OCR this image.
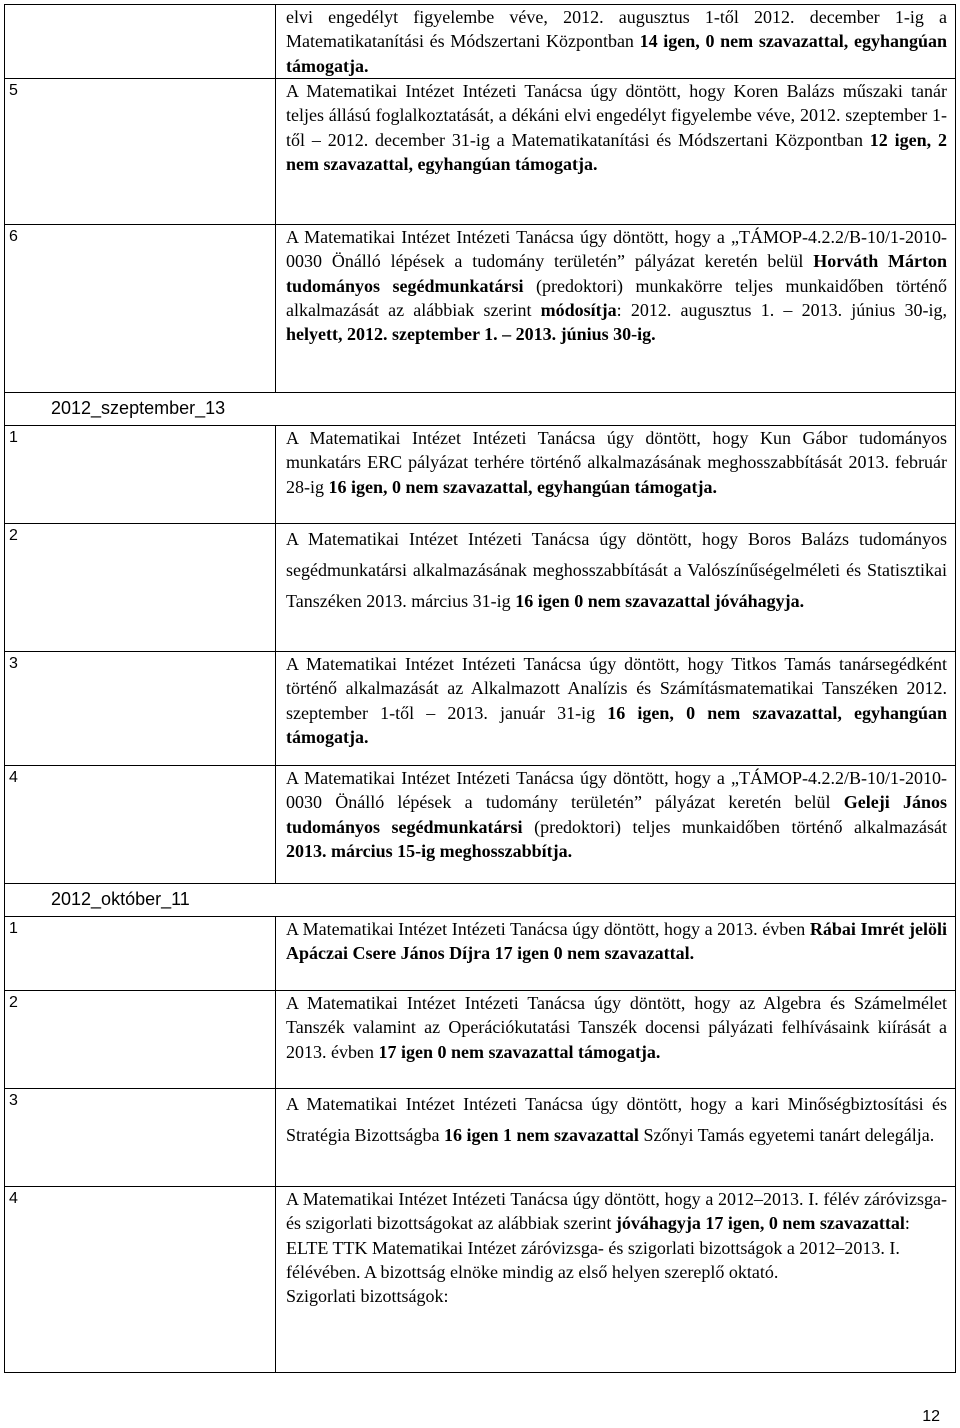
	elvi engedélyt figyelembe véve, 2012. augusztus 1-től 2012. december 1-ig a Matematikatanítási és Módszertani Központban 14 igen, 0 nem szavazattal, egyhangúan támogatja.

5	A Matematikai Intézet Intézeti Tanácsa úgy döntött, hogy Koren Balázs műszaki tanár teljes állású foglalkoztatását, a dékáni elvi engedélyt figyelembe véve, 2012. szeptember 1-től – 2012. december 31-ig a Matematikatanítási és Módszertani Központban 12 igen, 2 nem szavazattal, egyhangúan támogatja.

6	A Matematikai Intézet Intézeti Tanácsa úgy döntött, hogy a „TÁMOP-4.2.2/B-10/1-2010-0030 Önálló lépések a tudomány területén” pályázat keretén belül Horváth Márton tudományos segédmunkatársi (predoktori) munkakörre teljes munkaidőben történő alkalmazását az alábbiak szerint módosítja: 2012. augusztus 1. – 2013. június 30-ig, helyett, 2012. szeptember 1. – 2013. június 30-ig.

2012_szeptember_13	
1	A Matematikai Intézet Intézeti Tanácsa úgy döntött, hogy Kun Gábor tudományos munkatárs ERC pályázat terhére történő alkalmazásának meghosszabbítását 2013. február 28-ig 16 igen, 0 nem szavazattal, egyhangúan támogatja.

2	A Matematikai Intézet Intézeti Tanácsa úgy döntött, hogy Boros Balázs tudományos segédmunkatársi alkalmazásának meghosszabbítását a Valószínűségelméleti és Statisztikai Tanszéken 2013. március 31-ig 16 igen 0 nem szavazattal jóváhagyja.

3	A Matematikai Intézet Intézeti Tanácsa úgy döntött, hogy Titkos Tamás tanársegédként történő alkalmazását az Alkalmazott Analízis és Számításmatematikai Tanszéken 2012. szeptember 1-től – 2013. január 31-ig 16 igen, 0 nem szavazattal, egyhangúan támogatja.

4	A Matematikai Intézet Intézeti Tanácsa úgy döntött, hogy a „TÁMOP-4.2.2/B-10/1-2010-0030 Önálló lépések a tudomány területén” pályázat keretén belül Geleji János tudományos segédmunkatársi (predoktori) teljes munkaidőben történő alkalmazását 2013. március 15-ig meghosszabbítja.

2012_október_11	
1	A Matematikai Intézet Intézeti Tanácsa úgy döntött, hogy a 2013. évben Rábai Imrét jelöli Apáczai Csere János Díjra 17 igen 0 nem szavazattal.

2	A Matematikai Intézet Intézeti Tanácsa úgy döntött, hogy az Algebra és Számelmélet Tanszék valamint az Operációkutatási Tanszék docensi pályázati felhívásaink kiírását a 2013. évben 17 igen 0 nem szavazattal támogatja.

3	A Matematikai Intézet Intézeti Tanácsa úgy döntött, hogy a kari Minőségbiztosítási és Stratégia Bizottságba 16 igen 1 nem szavazattal Szőnyi Tamás egyetemi tanárt delegálja.

4	A Matematikai Intézet Intézeti Tanácsa úgy döntött, hogy a 2012–2013. I. félév záróvizsga- és szigorlati bizottságokat az alábbiak szerint jóváhagyja 17 igen, 0 nem szavazattal:

ELTE TTK Matematikai Intézet záróvizsga- és szigorlati bizottságok a 2012–2013. I. félévében. A bizottság elnöke mindig az első helyen szereplő oktató.

Szigorlati bizottságok:

12
